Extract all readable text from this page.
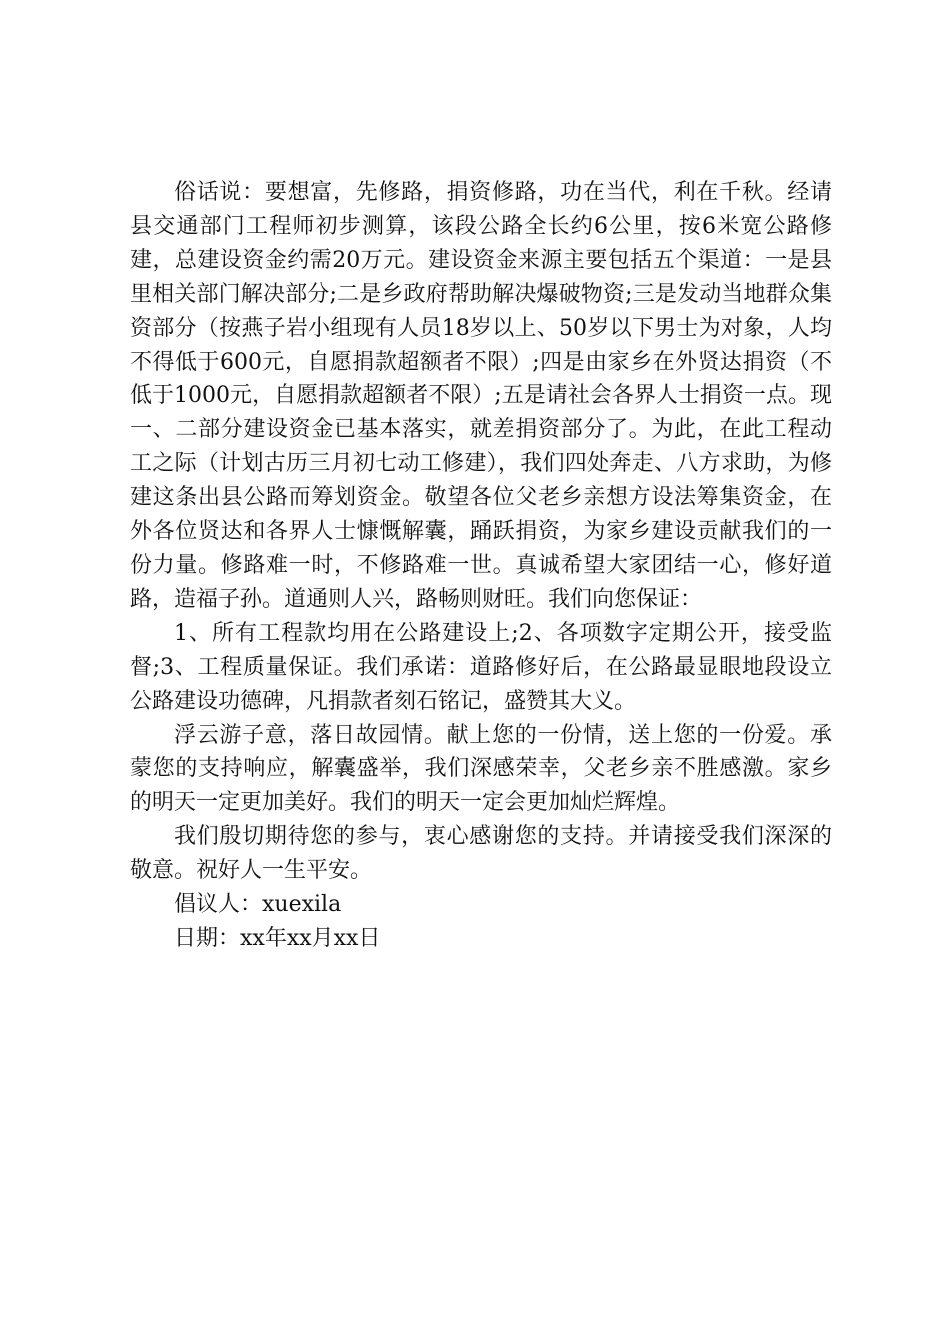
俗话说：要想富，先修路，捐资修路，功在当代，利在千秋。经请县交通部门工程师初步测算，该段公路全长约6公里，按6米宽公路修建，总建设资金约需20万元。建设资金来源主要包括五个渠道：一是县里相关部门解决部分;二是乡政府帮助解决爆破物资;三是发动当地群众集资部分（按燕子岩小组现有人员18岁以上、50岁以下男士为对象，人均不得低于600元，自愿捐款超额者不限）;四是由家乡在外贤达捐资（不低于1000元，自愿捐款超额者不限）;五是请社会各界人士捐资一点。现一、二部分建设资金已基本落实，就差捐资部分了。为此，在此工程动工之际（计划古历三月初七动工修建），我们四处奔走、八方求助，为修建这条出县公路而筹划资金。敬望各位父老乡亲想方设法筹集资金，在外各位贤达和各界人士慷慨解囊，踊跃捐资，为家乡建设贡献我们的一份力量。修路难一时，不修路难一世。真诚希望大家团结一心，修好道路，造福子孙。道通则人兴，路畅则财旺。我们向您保证：

1、所有工程款均用在公路建设上;2、各项数字定期公开，接受监督;3、工程质量保证。我们承诺：道路修好后，在公路最显眼地段设立公路建设功德碑，凡捐款者刻石铭记，盛赞其大义。

浮云游子意，落日故园情。献上您的一份情，送上您的一份爱。承蒙您的支持响应，解囊盛举，我们深感荣幸，父老乡亲不胜感激。家乡的明天一定更加美好。我们的明天一定会更加灿烂辉煌。

我们殷切期待您的参与，衷心感谢您的支持。并请接受我们深深的敬意。祝好人一生平安。

倡议人：xuexila

日期：xx年xx月xx日
